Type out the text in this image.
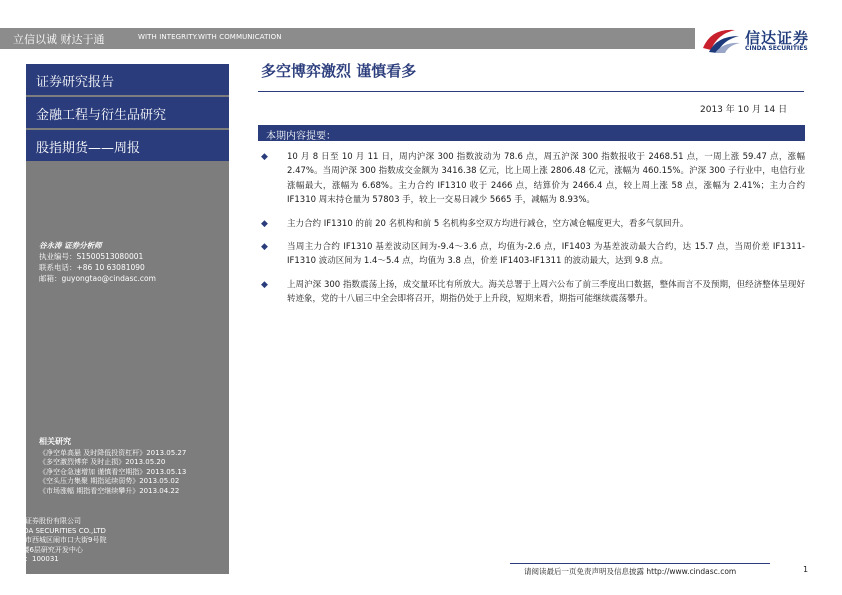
立信以诚 财达于通	WITH INTEGRITY.WITH COMMUNICATION	信达证券
CINDA SECURITIES
证券研究报告
金融工程与衍生品研究
股指期货——周报
谷永涛 证券分析师
执业编号：S1500513080001
联系电话：+86 10 63081090
邮箱：guyongtao@cindasc.com
相关研究
《净空单高悬 及时降低投资杠杆》2013.05.27
《多空激烈博弈 及时止损》2013.05.20
《净空仓急速增加 谨慎看空期指》2013.05.13
《空头压力集聚 期指延续弱势》2013.05.02
《市场涨幅 期指看空继续攀升》2013.04.22
信达证券股份有限公司
CINDA SECURITIES CO.,LTD
北京市西城区闹市口大街9号院
1号楼6层研究开发中心
邮编：100031
多空博弈激烈 谨慎看多
2013 年 10 月 14 日
本期内容提要：
◆ 10 月 8 日至 10 月 11 日，周内沪深 300 指数波动为 78.6 点，周五沪深 300 指数报收于 2468.51 点，一周上涨 59.47 点，涨幅 2.47%。当周沪深 300 指数成交金额为 3416.38 亿元，比上周上涨 2806.48 亿元，涨幅为 460.15%。沪深 300 子行业中，电信行业涨幅最大，涨幅为 6.68%。主力合约 IF1310 收于 2466 点，结算价为 2466.4 点，较上周上涨 58 点，涨幅为 2.41%；主力合约 IF1310 周末持仓量为 57803 手，较上一交易日减少 5665 手，减幅为 8.93%。
◆ 主力合约 IF1310 的前 20 名机构和前 5 名机构多空双方均进行减仓，空方减仓幅度更大，看多气氛回升。
◆ 当周主力合约 IF1310 基差波动区间为-9.4～3.6 点，均值为-2.6 点，IF1403 为基差波动最大合约，达 15.7 点，当周价差 IF1311-IF1310 波动区间为 1.4～5.4 点，均值为 3.8 点，价差 IF1403-IF1311 的波动最大，达到 9.8 点。
◆ 上周沪深 300 指数震荡上扬，成交量环比有所放大。海关总署于上周六公布了前三季度出口数据，整体而言不及预期，但经济整体呈现好转迹象，党的十八届三中全会即将召开，期指仍处于上升段，短期来看，期指可能继续震荡攀升。
请阅读最后一页免责声明及信息披露 http://www.cindasc.com	1
